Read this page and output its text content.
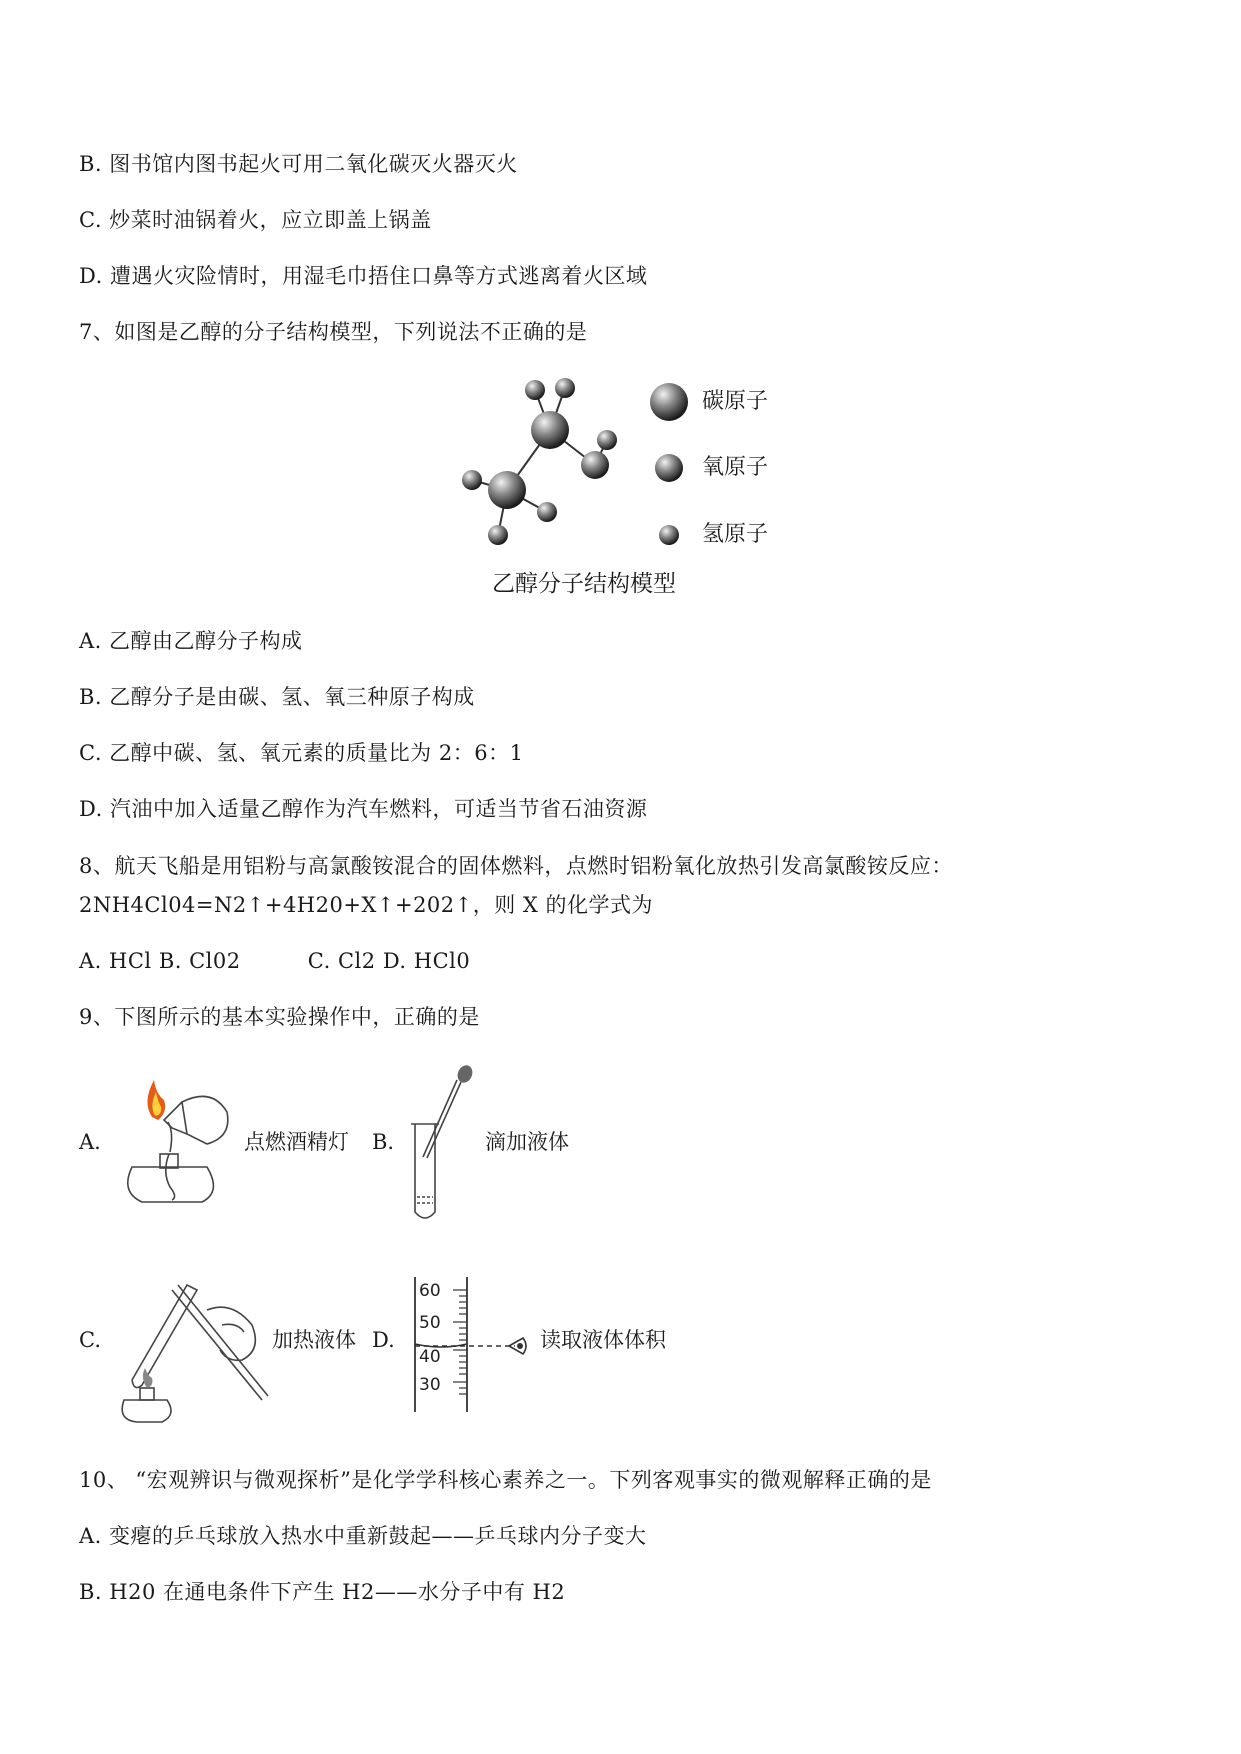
B. 图书馆内图书起火可用二氧化碳灭火器灭火
C. 炒菜时油锅着火，应立即盖上锅盖
D. 遭遇火灾险情时，用湿毛巾捂住口鼻等方式逃离着火区域
7、如图是乙醇的分子结构模型，下列说法不正确的是
碳原子
氧原子
氢原子
乙醇分子结构模型
A. 乙醇由乙醇分子构成
B. 乙醇分子是由碳、氢、氧三种原子构成
C. 乙醇中碳、氢、氧元素的质量比为 2：6：1
D. 汽油中加入适量乙醇作为汽车燃料，可适当节省石油资源
8、航天飞船是用铝粉与高氯酸铵混合的固体燃料，点燃时铝粉氧化放热引发高氯酸铵反应：
2NH4Cl04=N2↑+4H20+X↑+202↑，则 X 的化学式为
A. HCl B. Cl02	C. Cl2 D. HCl0
9、下图所示的基本实验操作中，正确的是
A.	点燃酒精灯 B.	滴加液体
C.	加热液体 D.
60
50
40
30
读取液体体积
10、 “宏观辨识与微观探析”是化学学科核心素养之一。下列客观事实的微观解释正确的是
A. 变瘪的乒乓球放入热水中重新鼓起——乒乓球内分子变大
B. H20 在通电条件下产生 H2——水分子中有 H2
